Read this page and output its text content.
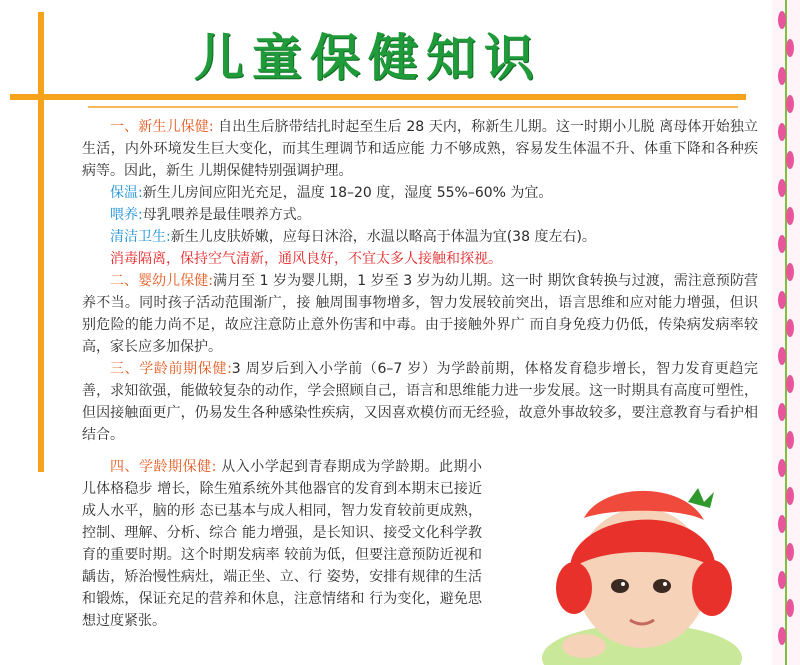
儿童保健知识

一、新生儿保健: 自出生后脐带结扎时起至生后 28 天内，称新生儿期。这一时期小儿脱 离母体开始独立生活，内外环境发生巨大变化，而其生理调节和适应能 力不够成熟，容易发生体温不升、体重下降和各种疾病等。因此，新生 儿期保健特别强调护理。

保温:新生儿房间应阳光充足，温度 18–20 度，湿度 55%–60% 为宜。

喂养:母乳喂养是最佳喂养方式。

清洁卫生:新生儿皮肤娇嫩，应每日沐浴，水温以略高于体温为宜(38 度左右)。

消毒隔离，保持空气清新，通风良好，不宜太多人接触和探视。

二、婴幼儿保健:满月至 1 岁为婴儿期，1 岁至 3 岁为幼儿期。这一时 期饮食转换与过渡，需注意预防营养不当。同时孩子活动范围渐广，接 触周围事物增多，智力发展较前突出，语言思维和应对能力增强，但识 别危险的能力尚不足，故应注意防止意外伤害和中毒。由于接触外界广 而自身免疫力仍低，传染病发病率较高，家长应多加保护。

三、学龄前期保健:3 周岁后到入小学前（6–7 岁）为学龄前期，体格发育稳步增长，智力发育更趋完善，求知欲强，能做较复杂的动作，学会照顾自己，语言和思维能力进一步发展。这一时期具有高度可塑性，但因接触面更广，仍易发生各种感染性疾病，又因喜欢模仿而无经验，故意外事故较多，要注意教育与看护相结合。

四、学龄期保健: 从入小学起到青春期成为学龄期。此期小儿体格稳步 增长，除生殖系统外其他器官的发育到本期末已接近成人水平，脑的形 态已基本与成人相同，智力发育较前更成熟，控制、理解、分析、综合 能力增强，是长知识、接受文化科学教育的重要时期。这个时期发病率 较前为低，但要注意预防近视和龋齿，矫治慢性病灶，端正坐、立、行 姿势，安排有规律的生活和锻炼，保证充足的营养和休息，注意情绪和 行为变化，避免思想过度紧张。
